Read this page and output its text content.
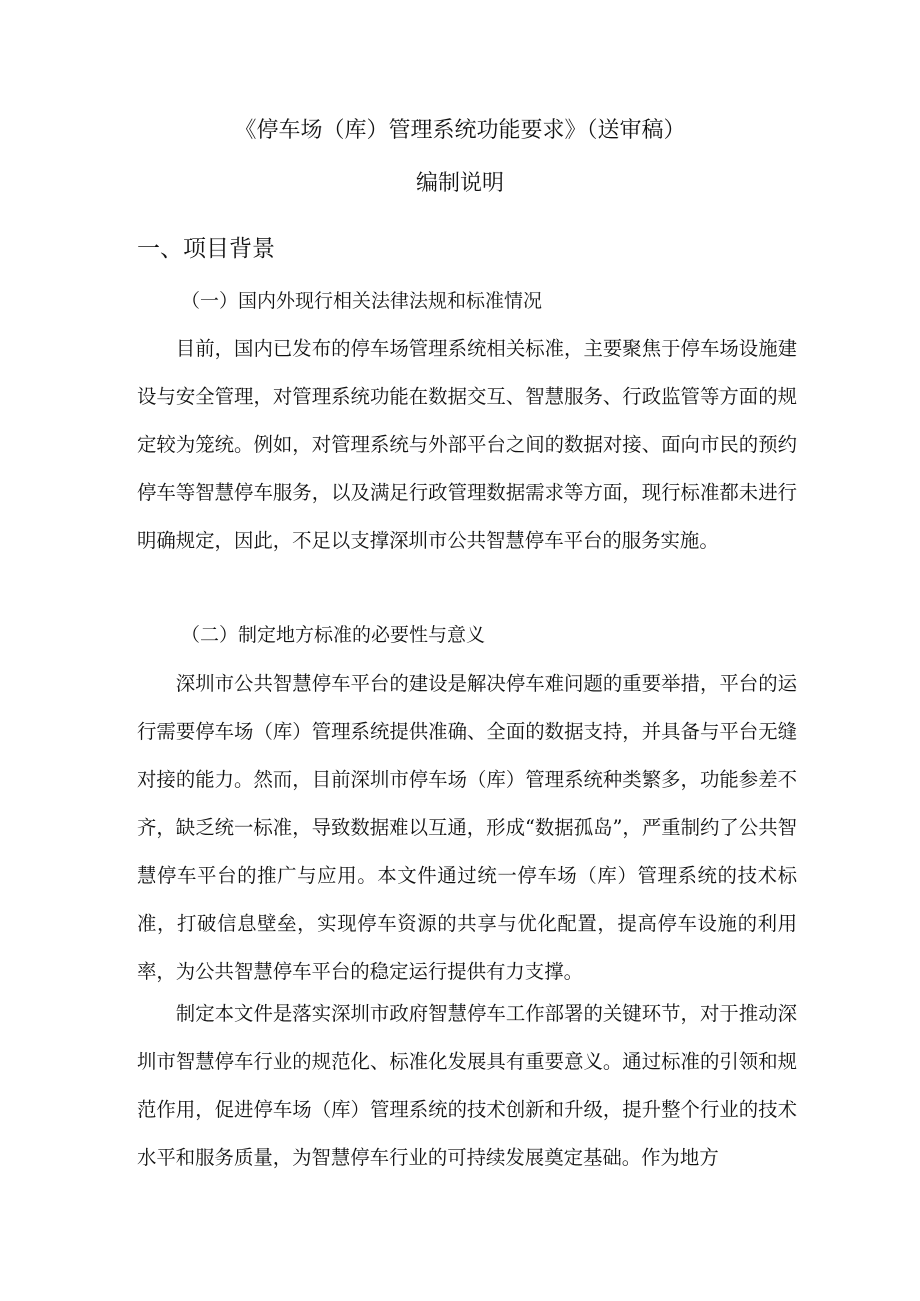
《停车场（库）管理系统功能要求》（送审稿）
编制说明
一、项目背景
（一）国内外现行相关法律法规和标准情况

目前，国内已发布的停车场管理系统相关标准，主要聚焦于停车场设施建设与安全管理，对管理系统功能在数据交互、智慧服务、行政监管等方面的规定较为笼统。例如，对管理系统与外部平台之间的数据对接、面向市民的预约停车等智慧停车服务，以及满足行政管理数据需求等方面，现行标准都未进行明确规定，因此，不足以支撑深圳市公共智慧停车平台的服务实施。

（二）制定地方标准的必要性与意义

深圳市公共智慧停车平台的建设是解决停车难问题的重要举措，平台的运行需要停车场（库）管理系统提供准确、全面的数据支持，并具备与平台无缝对接的能力。然而，目前深圳市停车场（库）管理系统种类繁多，功能参差不齐，缺乏统一标准，导致数据难以互通，形成“数据孤岛”，严重制约了公共智慧停车平台的推广与应用。本文件通过统一停车场（库）管理系统的技术标准，打破信息壁垒，实现停车资源的共享与优化配置，提高停车设施的利用率，为公共智慧停车平台的稳定运行提供有力支撑。

制定本文件是落实深圳市政府智慧停车工作部署的关键环节，对于推动深圳市智慧停车行业的规范化、标准化发展具有重要意义。通过标准的引领和规范作用，促进停车场（库）管理系统的技术创新和升级，提升整个行业的技术水平和服务质量，为智慧停车行业的可持续发展奠定基础。作为地方
